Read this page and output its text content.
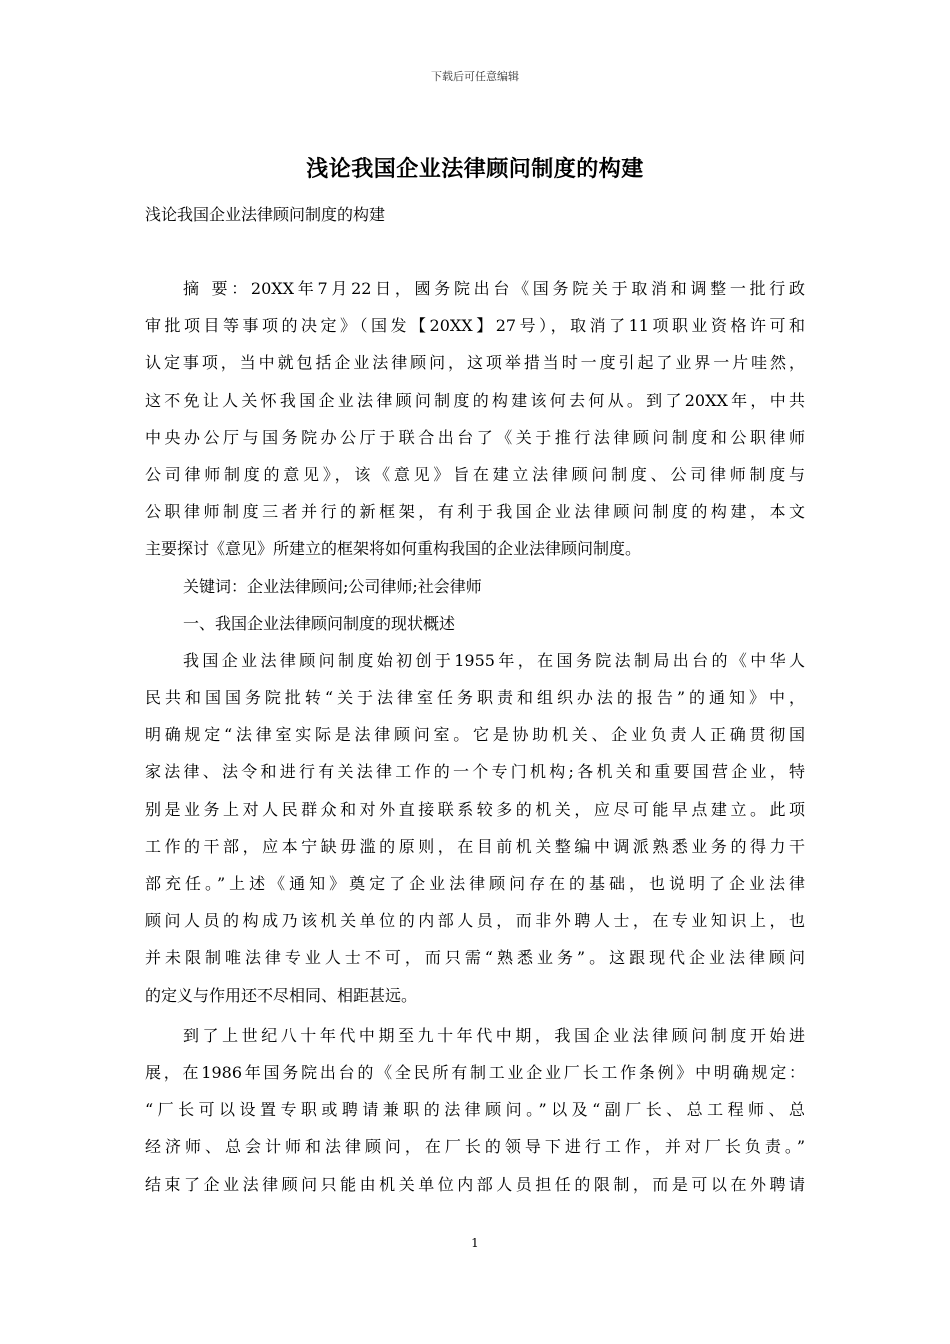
下载后可任意编辑
浅论我国企业法律顾问制度的构建
浅论我国企业法律顾问制度的构建
摘 要：20XX年7月22日，國务院出台《国务院关于取消和调整一批行政
审批项目等事项的决定》（国发【20XX】27号），取消了11项职业资格许可和
认定事项，当中就包括企业法律顾问，这项举措当时一度引起了业界一片哇然，
这不免让人关怀我国企业法律顾问制度的构建该何去何从。到了20XX年，中共
中央办公厅与国务院办公厅于联合出台了《关于推行法律顾问制度和公职律师
公司律师制度的意见》，该《意见》旨在建立法律顾问制度、公司律师制度与
公职律师制度三者并行的新框架，有利于我国企业法律顾问制度的构建，本文
主要探讨《意见》所建立的框架将如何重构我国的企业法律顾问制度。
关键词：企业法律顾问;公司律师;社会律师
一、我国企业法律顾问制度的现状概述
我国企业法律顾问制度始初创于1955年，在国务院法制局出台的《中华人
民共和国国务院批转“关于法律室任务职责和组织办法的报告”的通知》中，
明确规定“法律室实际是法律顾问室。它是协助机关、企业负责人正确贯彻国
家法律、法令和进行有关法律工作的一个专门机构;各机关和重要国营企业，特
别是业务上对人民群众和对外直接联系较多的机关，应尽可能早点建立。此项
工作的干部，应本宁缺毋滥的原则，在目前机关整编中调派熟悉业务的得力干
部充任。”上述《通知》奠定了企业法律顾问存在的基础，也说明了企业法律
顾问人员的构成乃该机关单位的内部人员，而非外聘人士，在专业知识上，也
并未限制唯法律专业人士不可，而只需“熟悉业务”。这跟现代企业法律顾问
的定义与作用还不尽相同、相距甚远。
到了上世纪八十年代中期至九十年代中期，我国企业法律顾问制度开始进
展，在1986年国务院出台的《全民所有制工业企业厂长工作条例》中明确规定：
“厂长可以设置专职或聘请兼职的法律顾问。”以及“副厂长、总工程师、总
经济师、总会计师和法律顾问，在厂长的领导下进行工作，并对厂长负责。”
结束了企业法律顾问只能由机关单位内部人员担任的限制，而是可以在外聘请
1
